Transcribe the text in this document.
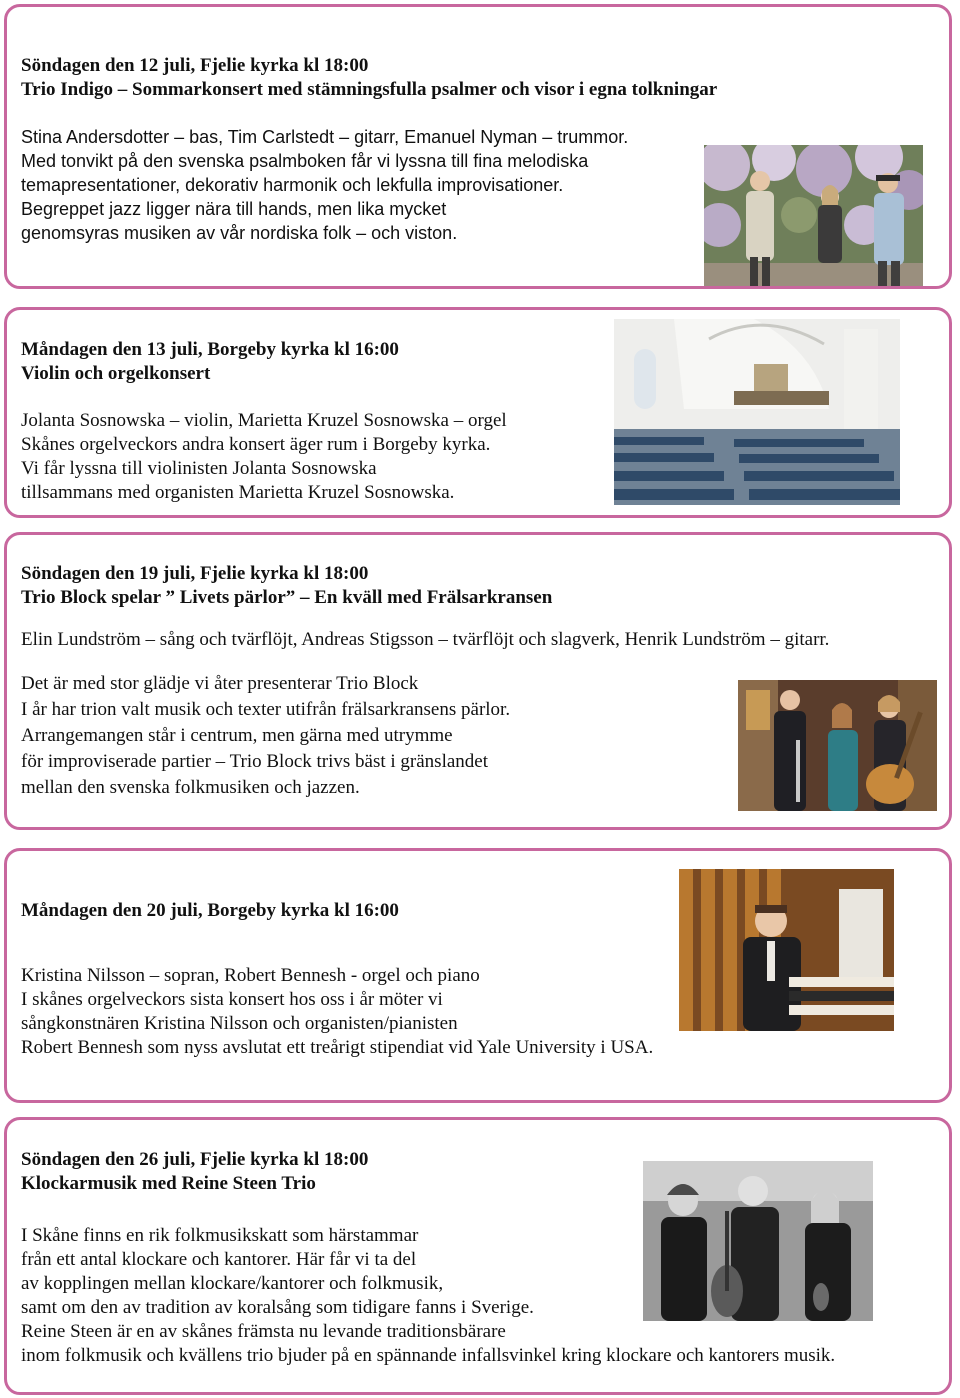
Söndagen den 12 juli, Fjelie kyrka kl 18:00
Trio Indigo – Sommarkonsert med stämningsfulla psalmer och visor i egna tolkningar
Stina Andersdotter – bas, Tim Carlstedt – gitarr, Emanuel Nyman – trummor.
Med tonvikt på den svenska psalmboken får vi lyssna till fina melodiska
temapresentationer, dekorativ harmonik och lekfulla improvisationer.
Begreppet jazz ligger nära till hands, men lika mycket
genomsyras musiken av vår nordiska folk – och viston.
Måndagen den 13 juli, Borgeby kyrka kl 16:00
Violin och orgelkonsert
Jolanta Sosnowska – violin, Marietta Kruzel Sosnowska – orgel
Skånes orgelveckors andra konsert äger rum i Borgeby kyrka.
Vi får lyssna till violinisten Jolanta Sosnowska
tillsammans med organisten Marietta Kruzel Sosnowska.
Söndagen den 19 juli, Fjelie kyrka kl 18:00
Trio Block spelar ” Livets pärlor” – En kväll med Frälsarkransen
Elin Lundström – sång och tvärflöjt, Andreas Stigsson – tvärflöjt och slagverk, Henrik Lundström – gitarr.
Det är med stor glädje vi åter presenterar Trio Block
I år har trion valt musik och texter utifrån frälsarkransens pärlor.
Arrangemangen står i centrum, men gärna med utrymme
för improviserade partier – Trio Block trivs bäst i gränslandet
mellan den svenska folkmusiken och jazzen.
Måndagen den 20 juli, Borgeby kyrka kl 16:00
Kristina Nilsson – sopran, Robert Bennesh - orgel och piano
I skånes orgelveckors sista konsert hos oss i år möter vi
sångkonstnären Kristina Nilsson och organisten/pianisten
Robert Bennesh som nyss avslutat ett treårigt stipendiat vid Yale University i USA.
Söndagen den 26 juli, Fjelie kyrka kl 18:00
Klockarmusik med Reine Steen Trio
I Skåne finns en rik folkmusikskatt som härstammar
från ett antal klockare och kantorer. Här får vi ta del
av kopplingen mellan klockare/kantorer och folkmusik,
samt om den av tradition av koralsång som tidigare fanns i Sverige.
Reine Steen är en av skånes främsta nu levande traditionsbärare
inom folkmusik och kvällens trio bjuder på en spännande infallsvinkel kring klockare och kantorers musik.
